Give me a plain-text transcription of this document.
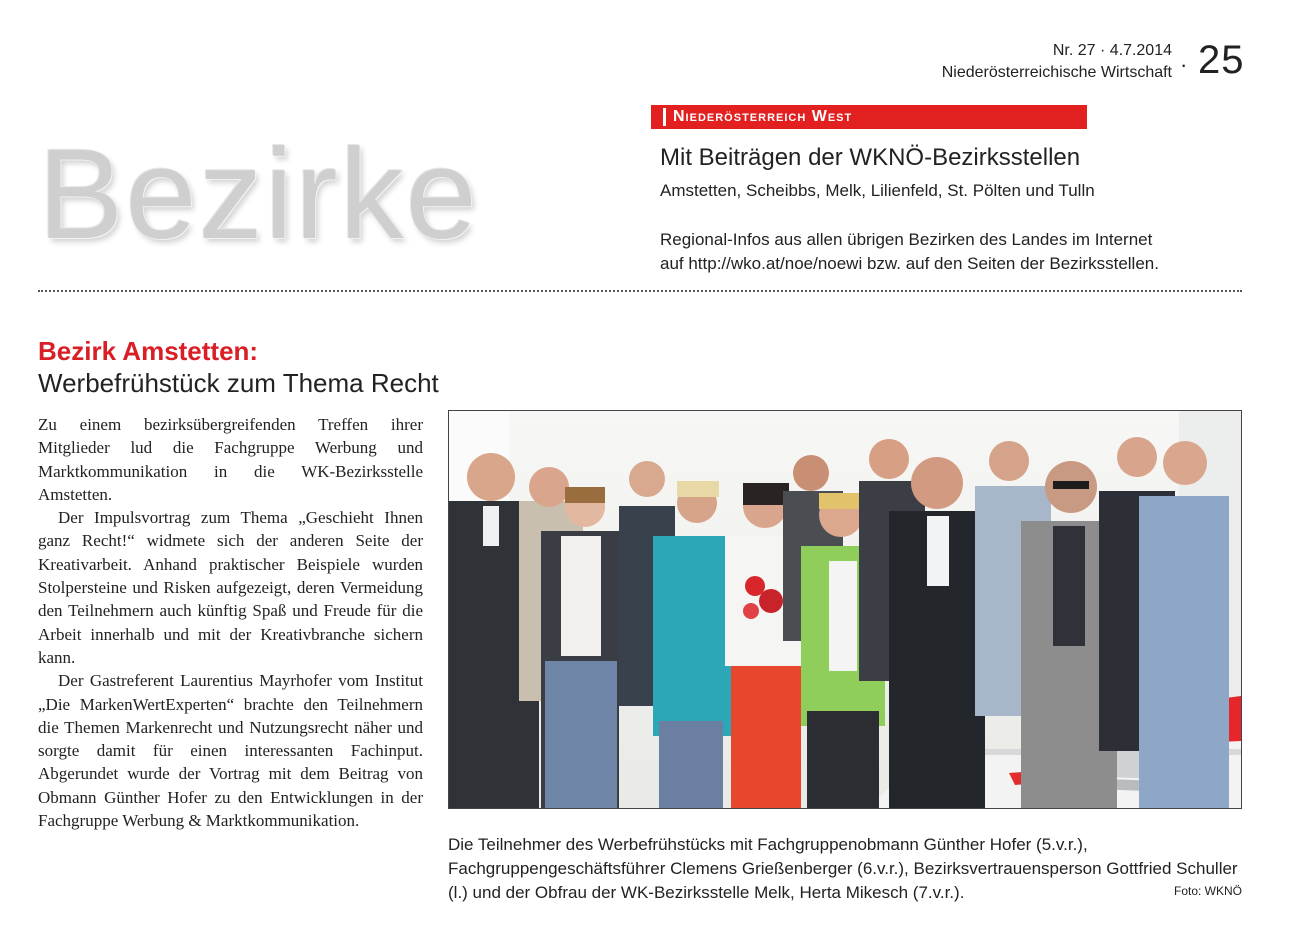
Nr. 27 · 4.7.2014
Niederösterreichische Wirtschaft · 25
Niederösterreich West
Bezirke	Mit Beiträgen der WKNÖ-Bezirksstellen
Amstetten, Scheibbs, Melk, Lilienfeld, St. Pölten und Tulln
Regional-Infos aus allen übrigen Bezirken des Landes im Internet
auf http://wko.at/noe/noewi bzw. auf den Seiten der Bezirksstellen.
Bezirk Amstetten:
Werbefrühstück zum Thema Recht

Zu einem bezirksübergreifenden Treffen ihrer Mitglieder lud die Fachgruppe Werbung und Marktkommunikation in die WK-Bezirksstelle Amstetten.

Der Impulsvortrag zum Thema „Geschieht Ihnen ganz Recht!“ widmete sich der anderen Seite der Kreativarbeit. Anhand praktischer Beispiele wurden Stolpersteine und Risken aufgezeigt, deren Vermeidung den Teilnehmern auch künftig Spaß und Freude für die Arbeit innerhalb und mit der Kreativbranche sichern kann.

Der Gastreferent Laurentius Mayrhofer vom Institut „Die MarkenWertExperten“ brachte den Teilnehmern die Themen Markenrecht und Nutzungsrecht näher und sorgte damit für einen interessanten Fachinput. Abgerundet wurde der Vortrag mit dem Beitrag von Obmann Günther Hofer zu den Entwicklungen in der Fachgruppe Werbung & Marktkommunikation.

Die Teilnehmer des Werbefrühstücks mit Fachgruppenobmann Günther Hofer (5.v.r.), Fachgruppengeschäftsführer Clemens Grießenberger (6.v.r.), Bezirksvertrauensperson Gottfried Schuller (l.) und der Obfrau der WK-Bezirksstelle Melk, Herta Mikesch (7.v.r.).	Foto: WKNÖ
